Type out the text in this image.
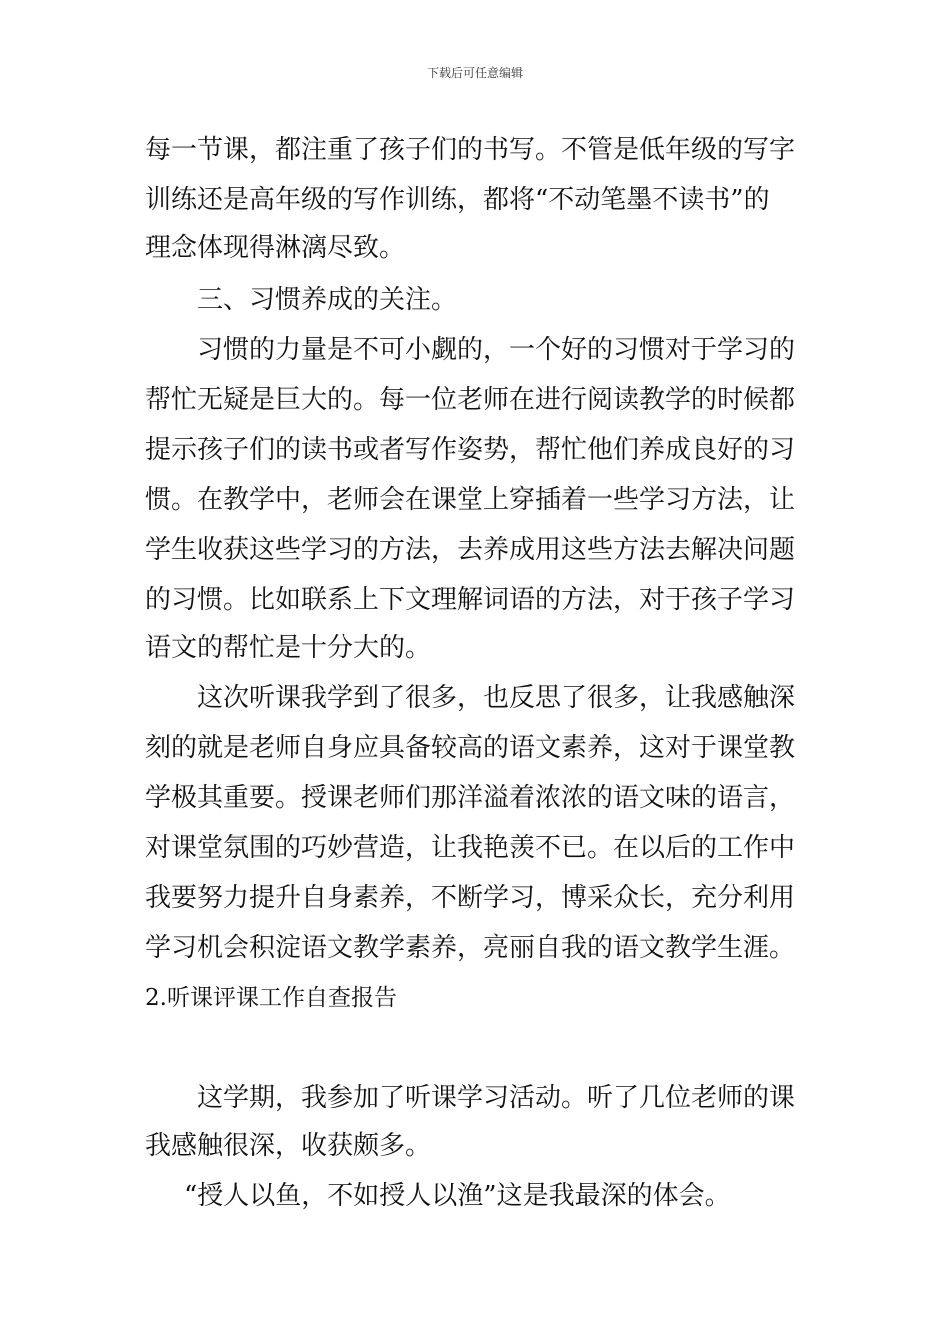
下载后可任意编辑
每一节课，都注重了孩子们的书写。不管是低年级的写字
训练还是高年级的写作训练，都将“不动笔墨不读书”的
理念体现得淋漓尽致。
三、习惯养成的关注。
习惯的力量是不可小觑的，一个好的习惯对于学习的
帮忙无疑是巨大的。每一位老师在进行阅读教学的时候都
提示孩子们的读书或者写作姿势，帮忙他们养成良好的习
惯。在教学中，老师会在课堂上穿插着一些学习方法，让
学生收获这些学习的方法，去养成用这些方法去解决问题
的习惯。比如联系上下文理解词语的方法，对于孩子学习
语文的帮忙是十分大的。
这次听课我学到了很多，也反思了很多，让我感触深
刻的就是老师自身应具备较高的语文素养，这对于课堂教
学极其重要。授课老师们那洋溢着浓浓的语文味的语言，
对课堂氛围的巧妙营造，让我艳羡不已。在以后的工作中
我要努力提升自身素养，不断学习，博采众长，充分利用
学习机会积淀语文教学素养，亮丽自我的语文教学生涯。
2.听课评课工作自查报告
这学期，我参加了听课学习活动。听了几位老师的课
我感触很深，收获颇多。
“授人以鱼，不如授人以渔”这是我最深的体会。
